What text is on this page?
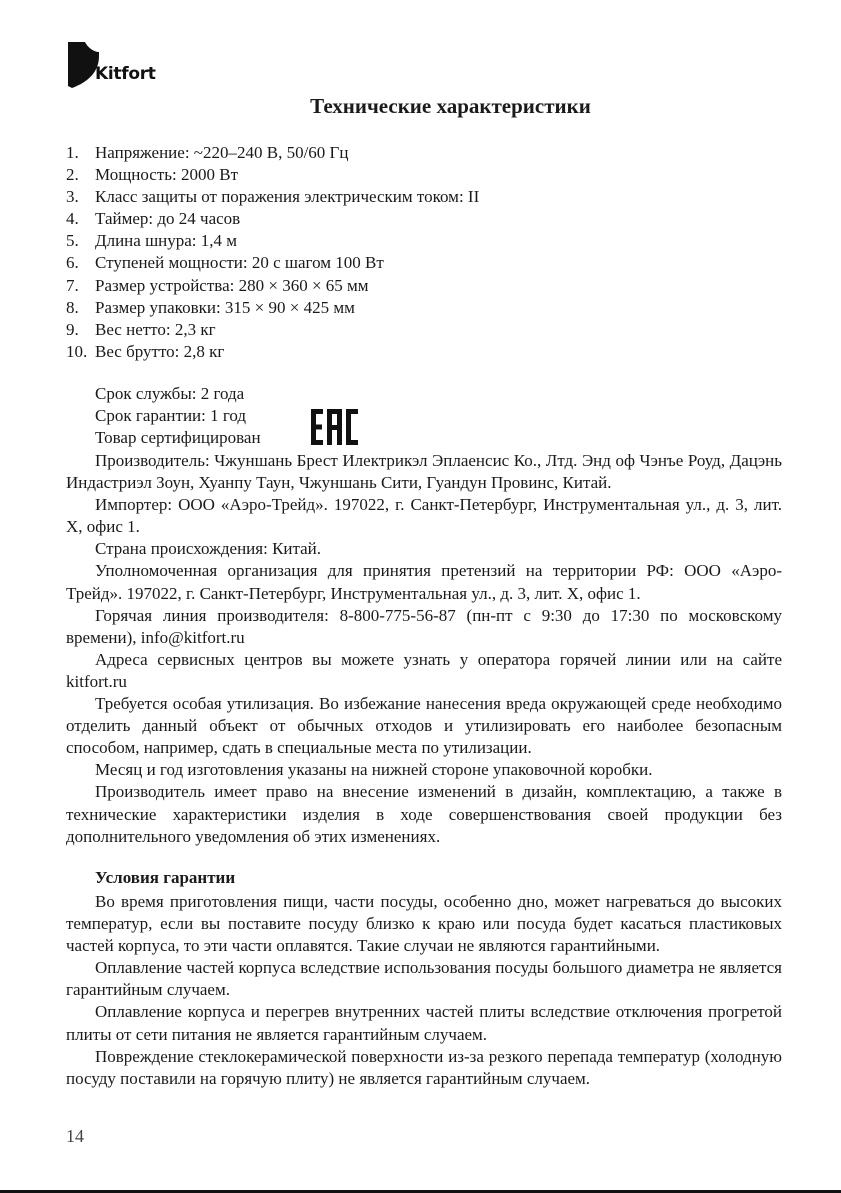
Kitfort
Технические характеристики
1. Напряжение: ~220–240 В, 50/60 Гц
2. Мощность: 2000 Вт
3. Класс защиты от поражения электрическим током: II
4. Таймер: до 24 часов
5. Длина шнура: 1,4 м
6. Ступеней мощности: 20 с шагом 100 Вт
7. Размер устройства: 280 × 360 × 65 мм
8. Размер упаковки: 315 × 90 × 425 мм
9. Вес нетто: 2,3 кг
10. Вес брутто: 2,8 кг
Срок службы: 2 года
Срок гарантии: 1 год
Товар сертифицирован

Производитель: Чжуншань Брест Илектрикэл Эплаенсис Ко., Лтд. Энд оф Чэнъе Роуд, Дацэнь Индастриэл Зоун, Хуанпу Таун, Чжуншань Сити, Гуандун Провинс, Китай.

Импортер: ООО «Аэро-Трейд». 197022, г. Санкт-Петербург, Инструментальная ул., д. 3, лит. Х, офис 1.

Страна происхождения: Китай.

Уполномоченная организация для принятия претензий на территории РФ: ООО «Аэро-Трейд». 197022, г. Санкт-Петербург, Инструментальная ул., д. 3, лит. Х, офис 1.

Горячая линия производителя: 8-800-775-56-87 (пн-пт с 9:30 до 17:30 по московскому времени), info@kitfort.ru

Адреса сервисных центров вы можете узнать у оператора горячей линии или на сайте kitfort.ru

Требуется особая утилизация. Во избежание нанесения вреда окружающей среде необходимо отделить данный объект от обычных отходов и утилизировать его наиболее безопасным способом, например, сдать в специальные места по утилизации.

Месяц и год изготовления указаны на нижней стороне упаковочной коробки.

Производитель имеет право на внесение изменений в дизайн, комплектацию, а также в технические характеристики изделия в ходе совершенствования своей продукции без дополнительного уведомления об этих изменениях.

Условия гарантии

Во время приготовления пищи, части посуды, особенно дно, может нагреваться до высоких температур, если вы поставите посуду близко к краю или посуда будет касаться пластиковых частей корпуса, то эти части оплавятся. Такие случаи не являются гарантийными.

Оплавление частей корпуса вследствие использования посуды большого диаметра не является гарантийным случаем.

Оплавление корпуса и перегрев внутренних частей плиты вследствие отключения прогретой плиты от сети питания не является гарантийным случаем.

Повреждение стеклокерамической поверхности из-за резкого перепада температур (холодную посуду поставили на горячую плиту) не является гарантийным случаем.

14
